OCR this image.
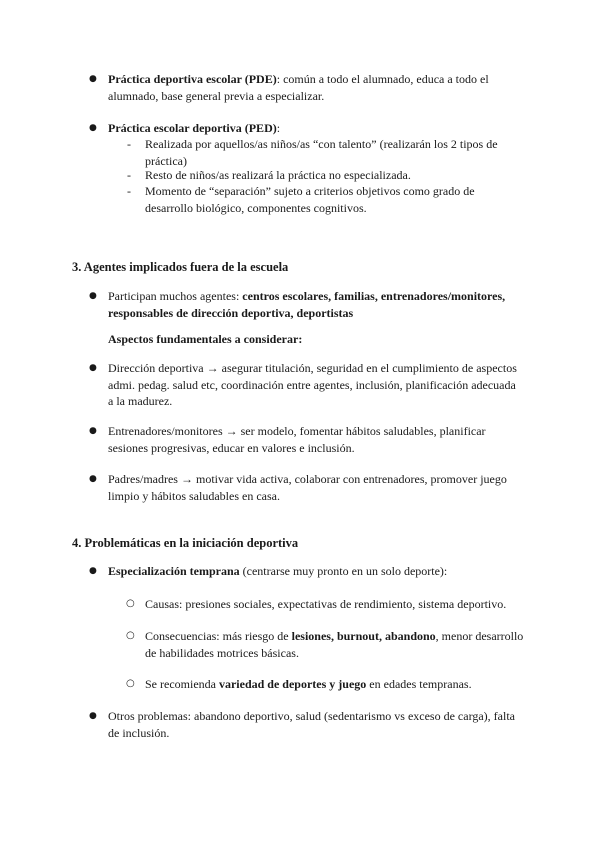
● Práctica deportiva escolar (PDE): común a todo el alumnado, educa a todo el
alumnado, base general previa a especializar.
● Práctica escolar deportiva (PED):
- Realizada por aquellos/as niños/as “con talento” (realizarán los 2 tipos de
práctica)
- Resto de niños/as realizará la práctica no especializada.
- Momento de “separación” sujeto a criterios objetivos como grado de
desarrollo biológico, componentes cognitivos.
3. Agentes implicados fuera de la escuela
● Participan muchos agentes: centros escolares, familias, entrenadores/monitores,
responsables de dirección deportiva, deportistas
Aspectos fundamentales a considerar:
● Dirección deportiva → asegurar titulación, seguridad en el cumplimiento de aspectos
admi. pedag. salud etc, coordinación entre agentes, inclusión, planificación adecuada
a la madurez.
● Entrenadores/monitores → ser modelo, fomentar hábitos saludables, planificar
sesiones progresivas, educar en valores e inclusión.
● Padres/madres → motivar vida activa, colaborar con entrenadores, promover juego
limpio y hábitos saludables en casa.
4. Problemáticas en la iniciación deportiva
● Especialización temprana (centrarse muy pronto en un solo deporte):
○ Causas: presiones sociales, expectativas de rendimiento, sistema deportivo.
○ Consecuencias: más riesgo de lesiones, burnout, abandono, menor desarrollo
de habilidades motrices básicas.
○ Se recomienda variedad de deportes y juego en edades tempranas.
● Otros problemas: abandono deportivo, salud (sedentarismo vs exceso de carga), falta
de inclusión.
